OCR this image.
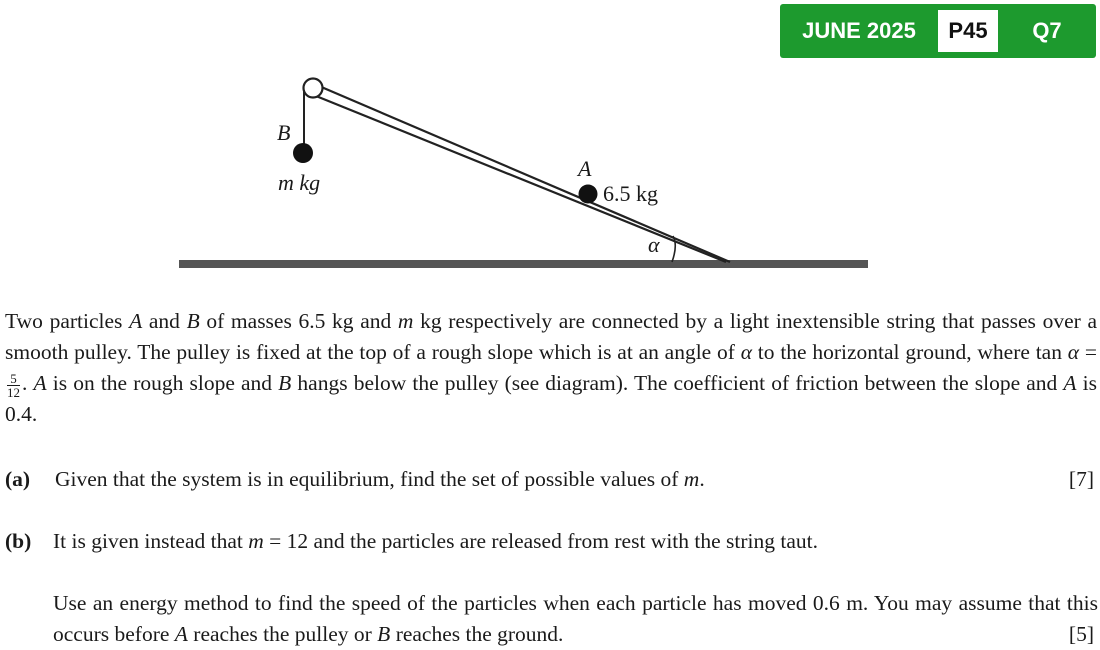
JUNE 2025	P45	Q7
B
m kg
A
6.5 kg
α
Two particles A and B of masses 6.5 kg and m kg respectively are connected by a light inextensible string that passes over a smooth pulley. The pulley is fixed at the top of a rough slope which is at an angle of α to the horizontal ground, where tan α =
$\frac{5}{12}$ . A is on the rough slope and B hangs below the pulley (see diagram). The coefficient of friction between the slope and A is 0.4.
(a) Given that the system is in equilibrium, find the set of possible values of m.	[7]
(b) It is given instead that m = 12 and the particles are released from rest with the string taut.
Use an energy method to find the speed of the particles when each particle has moved 0.6 m. You may assume that this occurs before A reaches the pulley or B reaches the ground.	[5]
